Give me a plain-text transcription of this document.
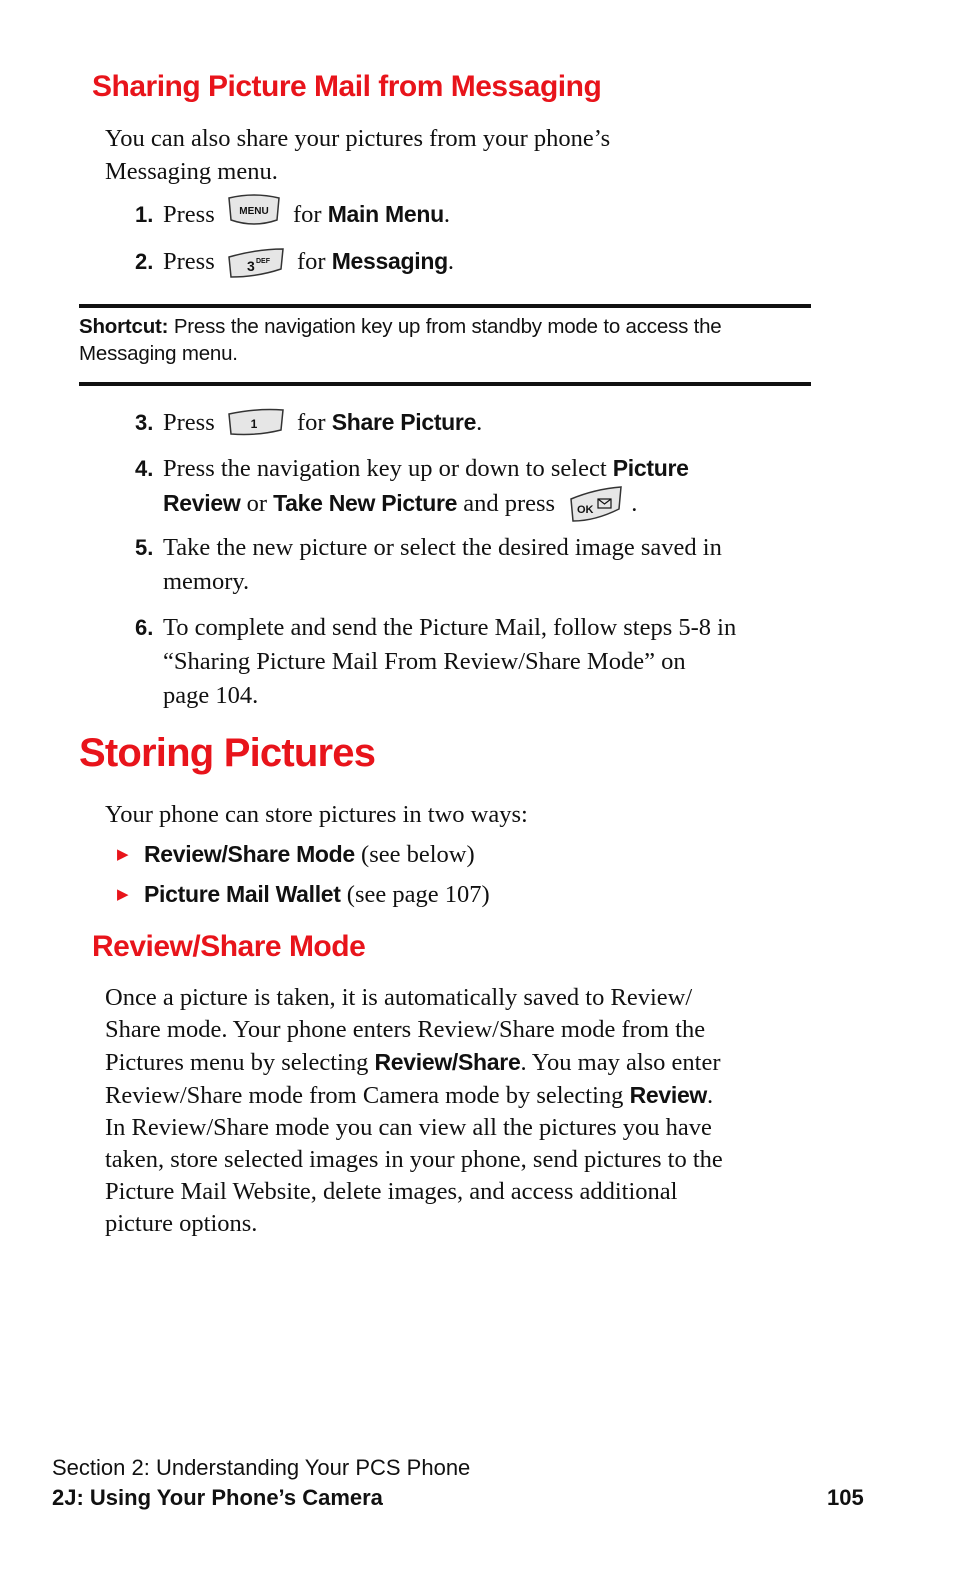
Sharing Picture Mail from Messaging
You can also share your pictures from your phone’s
Messaging menu.
1. Press MENU for Main Menu.
2. Press 3 DEF for Messaging.
Shortcut: Press the navigation key up from standby mode to access the
Messaging menu.
3. Press	1 for Share Picture.
4. Press the navigation key up or down to select Picture
Review or Take New Picture and press OK .
5. Take the new picture or select the desired image saved in
memory.
6. To complete and send the Picture Mail, follow steps 5-8 in
“Sharing Picture Mail From Review/Share Mode” on
page 104.
Storing Pictures
Your phone can store pictures in two ways:
▶ Review/Share Mode (see below)
▶ Picture Mail Wallet (see page 107)
Review/Share Mode
Once a picture is taken, it is automatically saved to Review/
Share mode. Your phone enters Review/Share mode from the
Pictures menu by selecting Review/Share. You may also enter
Review/Share mode from Camera mode by selecting Review.
In Review/Share mode you can view all the pictures you have
taken, store selected images in your phone, send pictures to the
Picture Mail Website, delete images, and access additional
picture options.
Section 2: Understanding Your PCS Phone
2J: Using Your Phone’s Camera	105
